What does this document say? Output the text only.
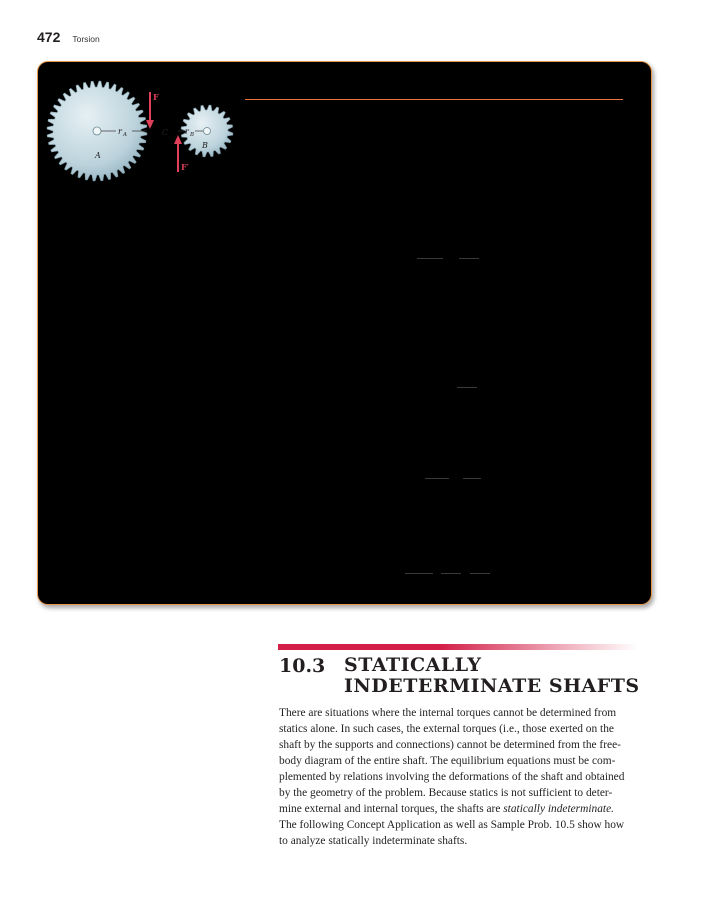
472 Torsion
F
F′
r A	r B
C
A
B
10.3 STATICALLY
INDETERMINATE SHAFTS
There are situations where the internal torques cannot be determined from
statics alone. In such cases, the external torques (i.e., those exerted on the
shaft by the supports and connections) cannot be determined from the free-
body diagram of the entire shaft. The equilibrium equations must be com-
plemented by relations involving the deformations of the shaft and obtained
by the geometry of the problem. Because statics is not sufficient to deter-
mine external and internal torques, the shafts are statically indeterminate.
The following Concept Application as well as Sample Prob. 10.5 show how
to analyze statically indeterminate shafts.
